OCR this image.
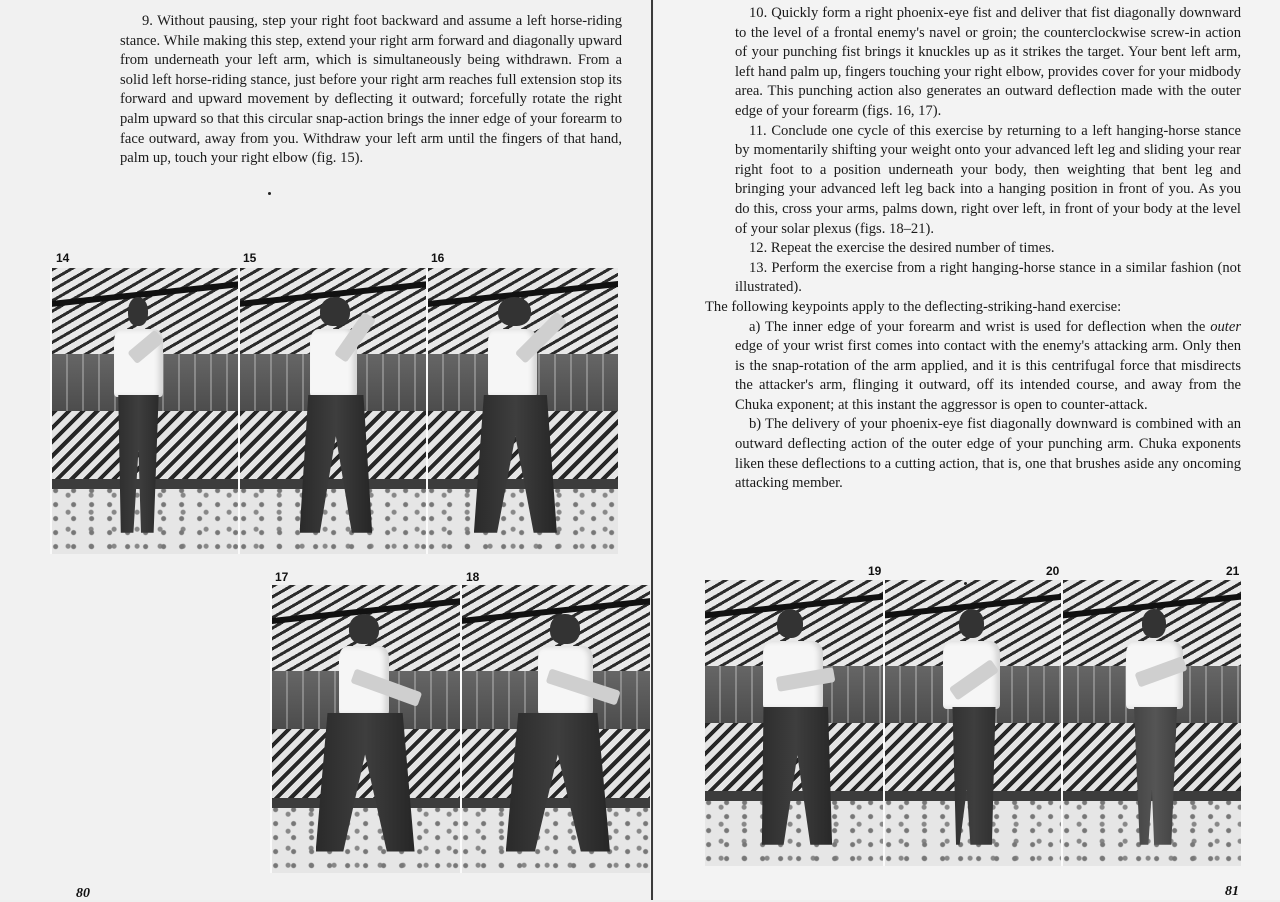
9. Without pausing, step your right foot backward and assume a left horse-riding stance. While making this step, extend your right arm forward and diagonally upward from underneath your left arm, which is simultaneously being withdrawn. From a solid left horse-riding stance, just before your right arm reaches full extension stop its forward and upward movement by deflecting it outward; forcefully rotate the right palm upward so that this circular snap-action brings the inner edge of your forearm to face outward, away from you. Withdraw your left arm until the fingers of that hand, palm up, touch your right elbow (fig. 15).

14	15	16
17	18
80

10. Quickly form a right phoenix-eye fist and deliver that fist diagonally downward to the level of a frontal enemy's navel or groin; the counterclockwise screw-in action of your punching fist brings it knuckles up as it strikes the target. Your bent left arm, left hand palm up, fingers touching your right elbow, provides cover for your midbody area. This punching action also generates an outward deflection made with the outer edge of your forearm (figs. 16, 17).

11. Conclude one cycle of this exercise by returning to a left hanging-horse stance by momentarily shifting your weight onto your advanced left leg and sliding your rear right foot to a position underneath your body, then weighting that bent leg and bringing your advanced left leg back into a hanging position in front of you. As you do this, cross your arms, palms down, right over left, in front of your body at the level of your solar plexus (figs. 18–21).

12. Repeat the exercise the desired number of times.

13. Perform the exercise from a right hanging-horse stance in a similar fashion (not illustrated).

The following keypoints apply to the deflecting-striking-hand exercise:

a) The inner edge of your forearm and wrist is used for deflection when the outer edge of your wrist first comes into contact with the enemy's attacking arm. Only then is the snap-rotation of the arm applied, and it is this centrifugal force that misdirects the attacker's arm, flinging it outward, off its intended course, and away from the Chuka exponent; at this instant the aggressor is open to counter-attack.

b) The delivery of your phoenix-eye fist diagonally downward is combined with an outward deflecting action of the outer edge of your punching arm. Chuka exponents liken these deflections to a cutting action, that is, one that brushes aside any oncoming attacking member.

19	20	21
81
